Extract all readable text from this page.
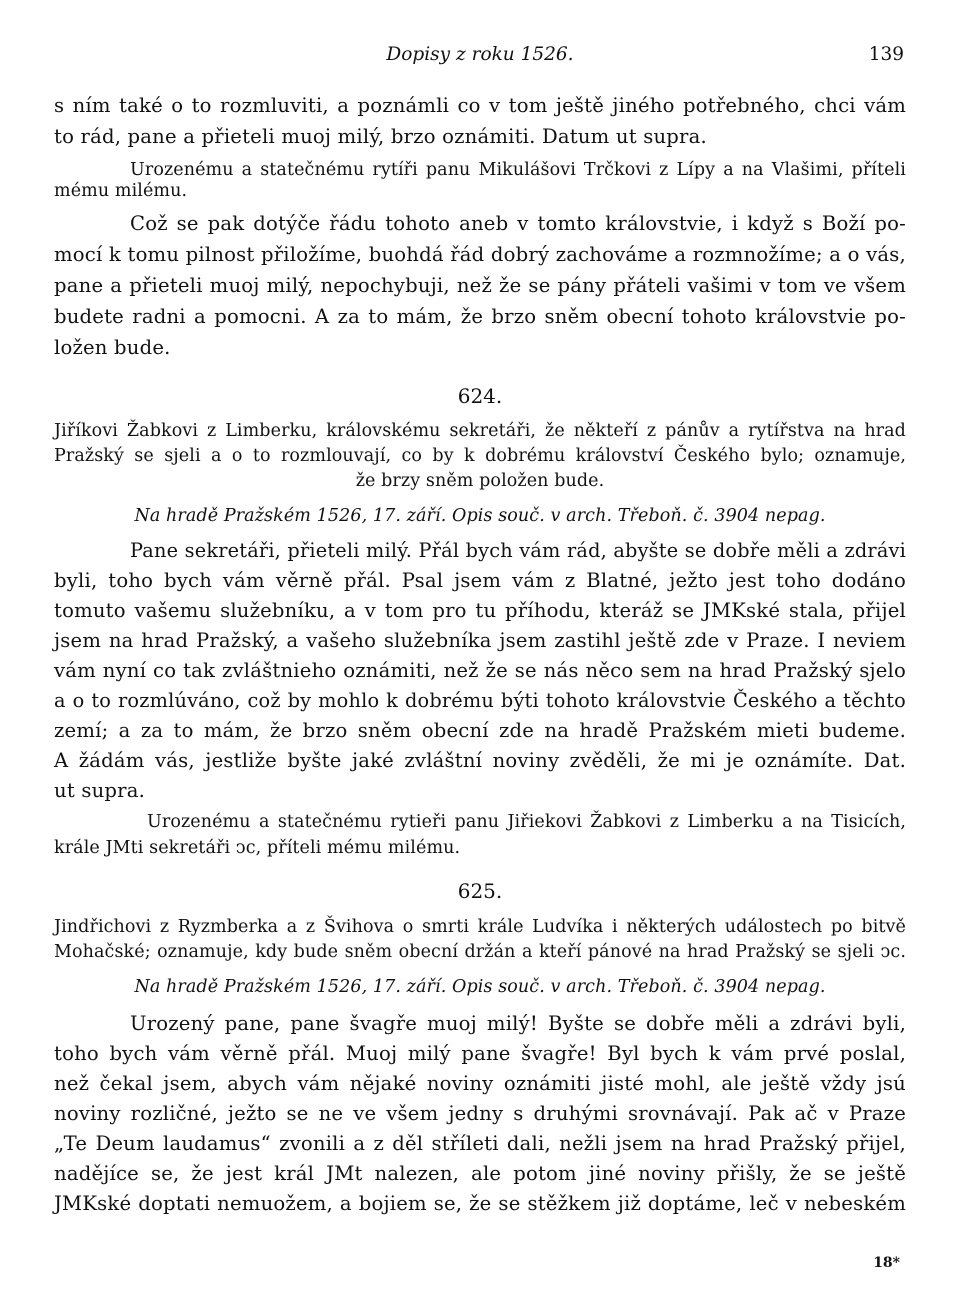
Dopisy z roku 1526.	139

s ním také o to rozmluviti, a poznámli co v tom ještě jiného potřebného, chci vám

to rád, pane a přieteli muoj milý, brzo oznámiti. Datum ut supra.

Urozenému a statečnému rytíři panu Mikulášovi Trčkovi z Lípy a na Vlašimi, příteli

mému milému.

Což se pak dotýče řádu tohoto aneb v tomto královstvie, i když s Boží po-

mocí k tomu pilnost přiložíme, buohdá řád dobrý zachováme a rozmnožíme; a o vás,

pane a přieteli muoj milý, nepochybuji, než že se pány přáteli vašimi v tom ve všem

budete radni a pomocni. A za to mám, že brzo sněm obecní tohoto královstvie po-

ložen bude.

624.

Jiříkovi Žabkovi z Limberku, královskému sekretáři, že někteří z pánův a rytířstva na hrad

Pražský se sjeli a o to rozmlouvají, co by k dobrému království Českého bylo; oznamuje,

že brzy sněm položen bude.

Na hradě Pražském 1526, 17. září. Opis souč. v arch. Třeboň. č. 3904 nepag.

Pane sekretáři, přieteli milý. Přál bych vám rád, abyšte se dobře měli a zdrávi

byli, toho bych vám věrně přál. Psal jsem vám z Blatné, ježto jest toho dodáno

tomuto vašemu služebníku, a v tom pro tu příhodu, kteráž se JMKské stala, přijel

jsem na hrad Pražský, a vašeho služebníka jsem zastihl ještě zde v Praze. I neviem

vám nyní co tak zvláštnieho oznámiti, než že se nás něco sem na hrad Pražský sjelo

a o to rozmlúváno, což by mohlo k dobrému býti tohoto královstvie Českého a těchto

zemí; a za to mám, že brzo sněm obecní zde na hradě Pražském mieti budeme.

A žádám vás, jestliže byšte jaké zvláštní noviny zvěděli, že mi je oznámíte. Dat.

ut supra.

Urozenému a statečnému rytieři panu Jiřiekovi Žabkovi z Limberku a na Tisicích,

krále JMti sekretáři ↄc, příteli mému milému.

625.

Jindřichovi z Ryzmberka a z Švihova o smrti krále Ludvíka i některých událostech po bitvě

Mohačské; oznamuje, kdy bude sněm obecní držán a kteří pánové na hrad Pražský se sjeli ↄc.

Na hradě Pražském 1526, 17. září. Opis souč. v arch. Třeboň. č. 3904 nepag.

Urozený pane, pane švagře muoj milý! Byšte se dobře měli a zdrávi byli,

toho bych vám věrně přál. Muoj milý pane švagře! Byl bych k vám prvé poslal,

než čekal jsem, abych vám nějaké noviny oznámiti jisté mohl, ale ještě vždy jsú

noviny rozličné, ježto se ne ve všem jedny s druhými srovnávají. Pak ač v Praze

„Te Deum laudamus“ zvonili a z děl stříleti dali, nežli jsem na hrad Pražský přijel,

nadějíce se, že jest král JMt nalezen, ale potom jiné noviny přišly, že se ještě

JMKské doptati nemuožem, a bojiem se, že se stěžkem již doptáme, leč v nebeském

18*
